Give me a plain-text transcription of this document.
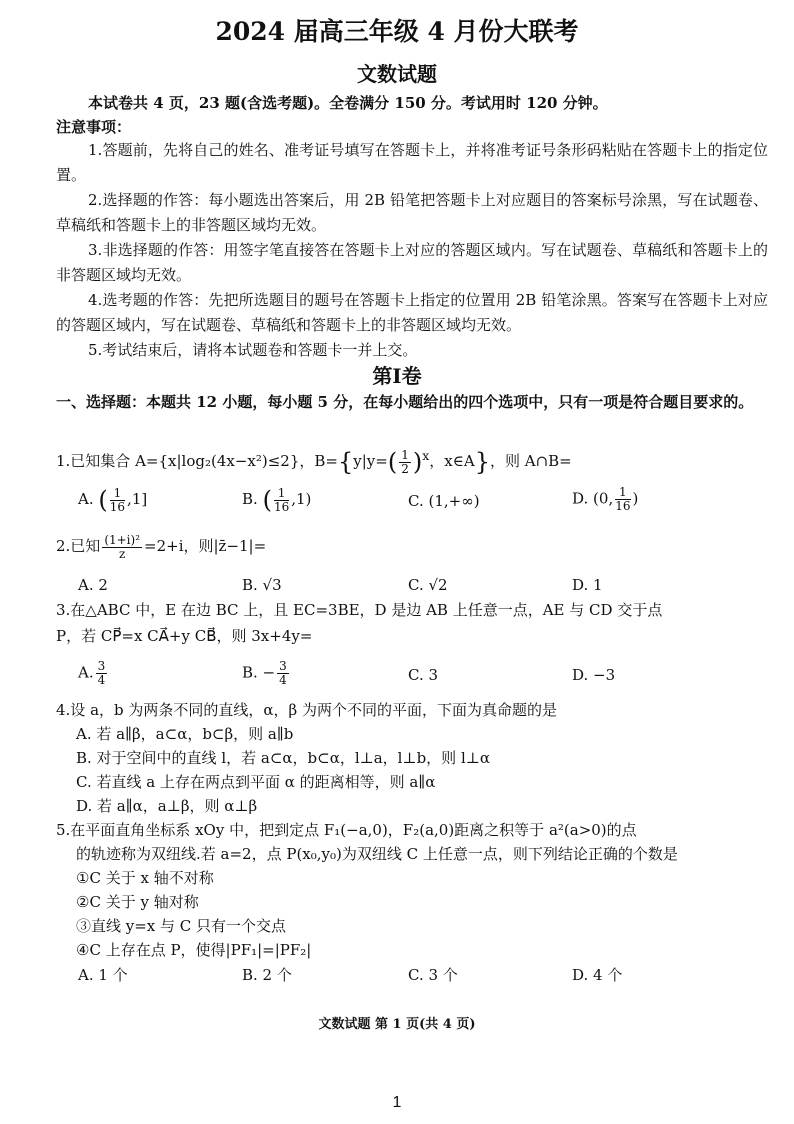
2024 届高三年级 4 月份大联考
文数试题
本试卷共 4 页，23 题(含选考题)。全卷满分 150 分。考试用时 120 分钟。
注意事项：

1.答题前，先将自己的姓名、准考证号填写在答题卡上，并将准考证号条形码粘贴在答题卡上的指定位置。

2.选择题的作答：每小题选出答案后，用 2B 铅笔把答题卡上对应题目的答案标号涂黑，写在试题卷、草稿纸和答题卡上的非答题区域均无效。

3.非选择题的作答：用签字笔直接答在答题卡上对应的答题区域内。写在试题卷、草稿纸和答题卡上的非答题区域均无效。

4.选考题的作答：先把所选题目的题号在答题卡上指定的位置用 2B 铅笔涂黑。答案写在答题卡上对应的答题区域内，写在试题卷、草稿纸和答题卡上的非答题区域均无效。

5.考试结束后，请将本试题卷和答题卡一并上交。

第Ⅰ卷
一、选择题：本题共 12 小题，每小题 5 分，在每小题给出的四个选项中，只有一项是符合题目要求的。
1.已知集合 A={x|log₂(4x−x²)≤2}，$B=\{y|y=( \frac{1}{2} )^x$，x∈A}，则 A∩B=
A. ( $\frac{1}{16} ,1$]	B. ( $\frac{1}{16} ,1$)	C. (1,+∞)	D. (0, $\frac{1}{16}$ )
2.已知 $\frac{\text{(1+i)²}}{z} =2+i$，则|z̄−1|=
A. 2	B. √3	C. √2	D. 1
3.在△ABC 中，E 在边 BC 上，且 EC=3BE，D 是边 AB 上任意一点，AE 与 CD 交于点
P，若 CP⃗=x CA⃗+y CB⃗，则 3x+4y=
A. $\frac{3}{4}$	B. − $\frac{3}{4}$	C. 3	D. −3
4.设 a，b 为两条不同的直线，α，β 为两个不同的平面，下面为真命题的是
A. 若 a∥β，a⊂α，b⊂β，则 a∥b
B. 对于空间中的直线 l，若 a⊂α，b⊂α，l⊥a，l⊥b，则 l⊥α
C. 若直线 a 上存在两点到平面 α 的距离相等，则 a∥α
D. 若 a∥α，a⊥β，则 α⊥β
5.在平面直角坐标系 xOy 中，把到定点 F₁(−a,0)，F₂(a,0)距离之积等于 a²(a>0)的点
的轨迹称为双纽线.若 a=2，点 P(x₀,y₀)为双纽线 C 上任意一点，则下列结论正确的个数是
①C 关于 x 轴不对称
②C 关于 y 轴对称
③直线 y=x 与 C 只有一个交点
④C 上存在点 P，使得|PF₁|=|PF₂|
A. 1 个	B. 2 个	C. 3 个	D. 4 个
文数试题 第 1 页(共 4 页)
1
